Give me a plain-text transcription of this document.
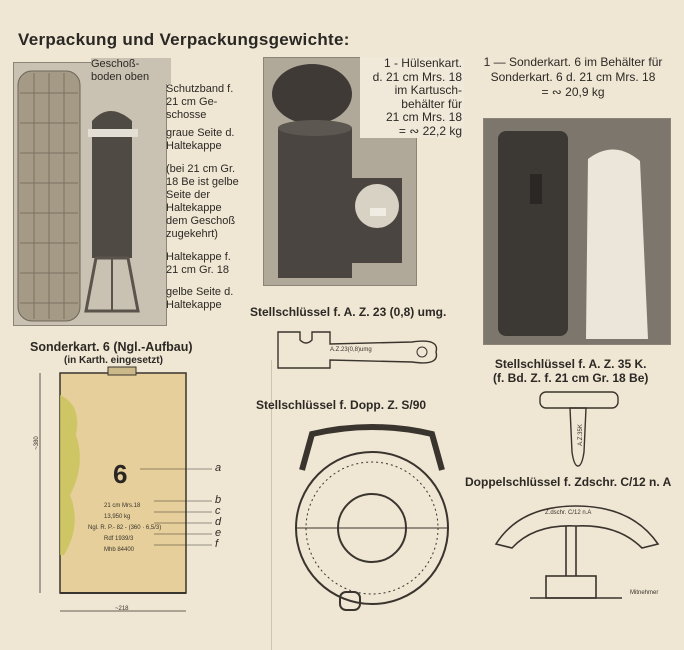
Verpackung und Verpackungsgewichte:
Geschoß-
boden oben
Schutzband f.
21 cm Ge-
schosse
graue Seite d.
Haltekappe
(bei 21 cm Gr.
18 Be ist gelbe
Seite der
Haltekappe
dem Geschoß
zugekehrt)
Haltekappe f.
21 cm Gr. 18
gelbe Seite d.
Haltekappe
1 - Hülsenkart.
d. 21 cm Mrs. 18
im Kartusch-
behälter für
21 cm Mrs. 18
= ∾ 22,2 kg
1 — Sonderkart. 6 im Behälter für
Sonderkart. 6 d. 21 cm Mrs. 18
= ∾ 20,9 kg
Sonderkart. 6 (Ngl.-Aufbau)
(in Karth. eingesetzt)
~380
~218
6
21 cm Mrs.18
13,950 kg
Ngl. R. P.- 82 - (360 · 6,5/3)
Rdf 1939/3
Mhb 84400
a
b
c
d
e
f
Stellschlüssel f. A. Z. 23 (0,8) umg.
A.Z.23(0,8)umg
Stellschlüssel f. Dopp. Z. S/90
Stellschlüssel f. A. Z. 35 K.
(f. Bd. Z. f. 21 cm Gr. 18 Be)
A.Z.35K
Doppelschlüssel f. Zdschr. C/12 n. A
Z.dschr. C/12 n.A
Mitnehmer
